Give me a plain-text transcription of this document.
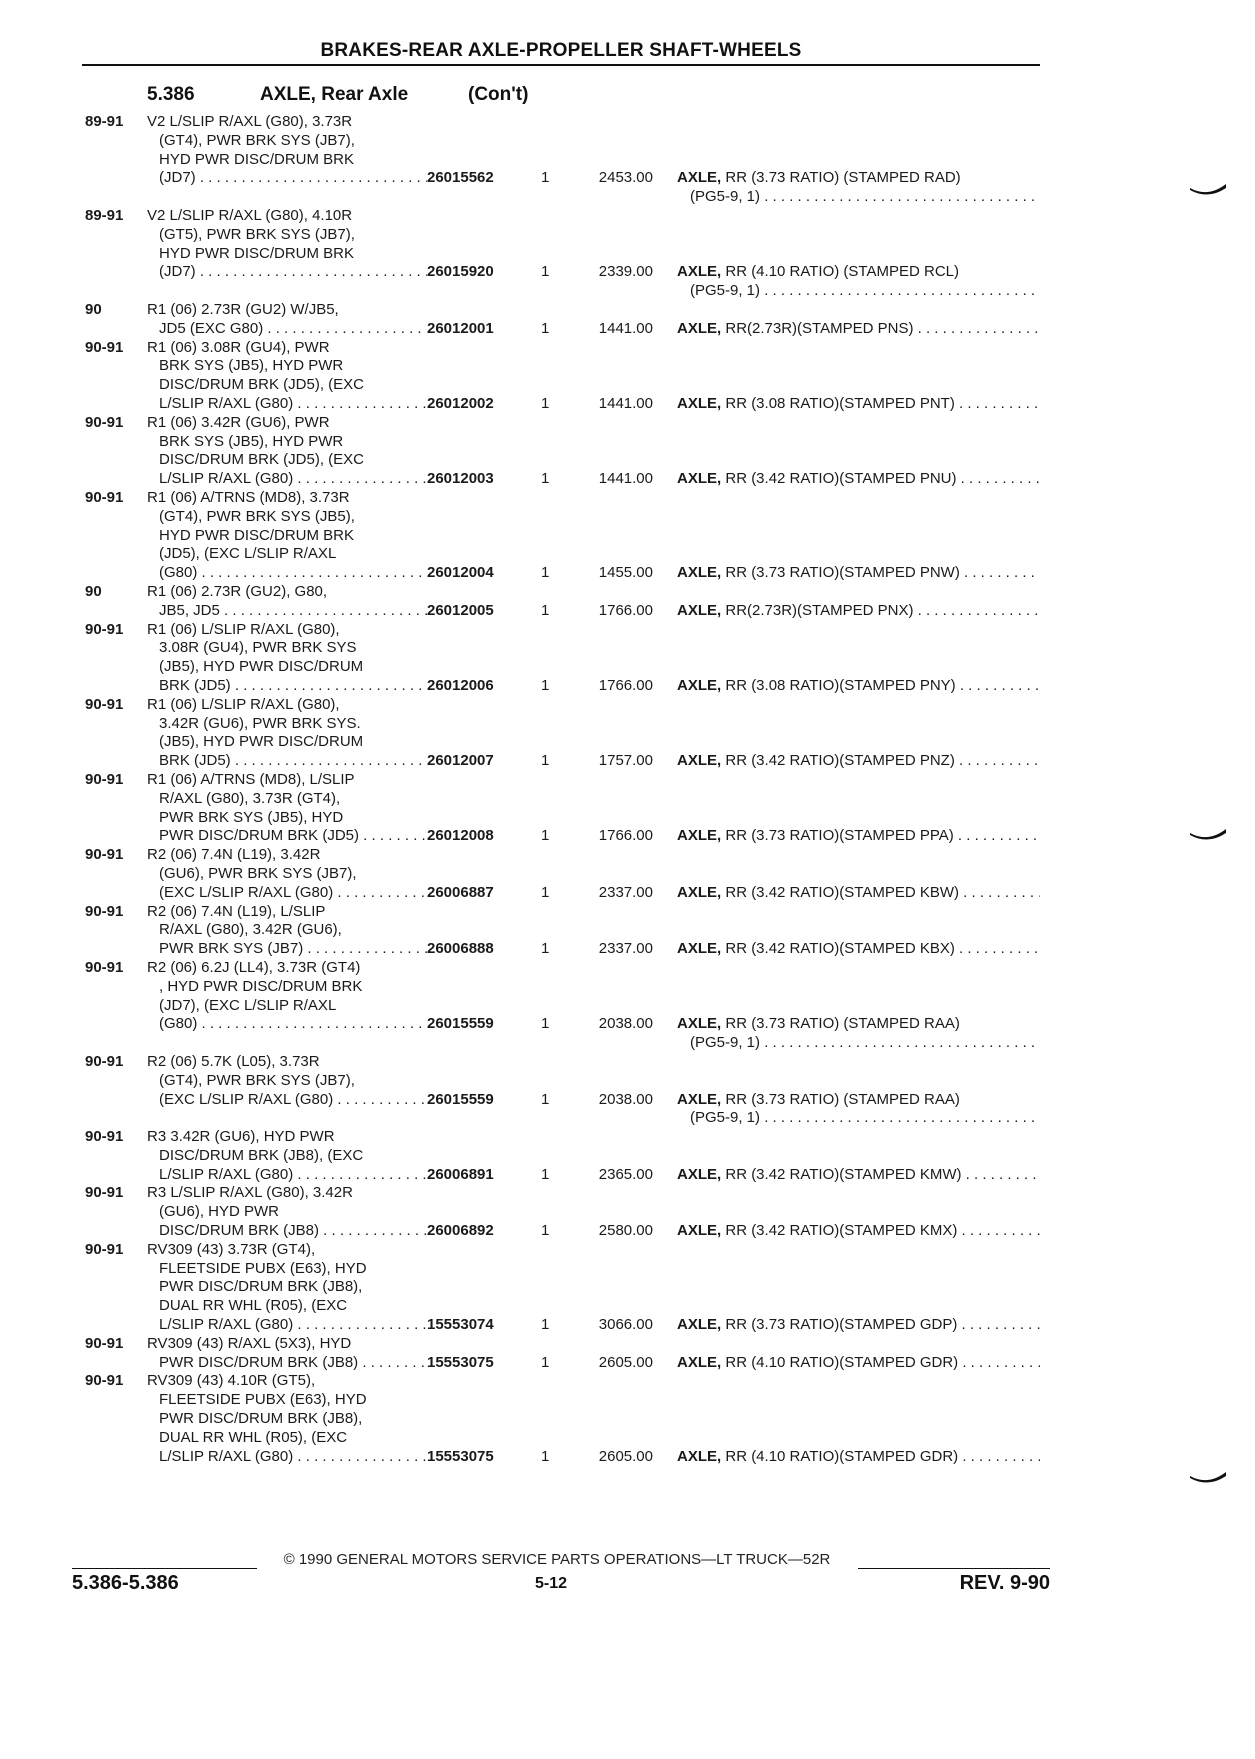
BRAKES-REAR AXLE-PROPELLER SHAFT-WHEELS
5.386	AXLE, Rear Axle	(Con't)
89-91 V2 L/SLIP R/AXL (G80), 3.73R
(GT4), PWR BRK SYS (JB7),
HYD PWR DISC/DRUM BRK
(JD7) . . .	26015562	1	2453.00 AXLE, RR (3.73 RATIO) (STAMPED RAD)
(PG5-9, 1) . . .
89-91 V2 L/SLIP R/AXL (G80), 4.10R
(GT5), PWR BRK SYS (JB7),
HYD PWR DISC/DRUM BRK
(JD7) . . .	26015920	1	2339.00 AXLE, RR (4.10 RATIO) (STAMPED RCL)
(PG5-9, 1) . . .
90	R1 (06) 2.73R (GU2) W/JB5,
JD5 (EXC G80) . . .	26012001	1	1441.00 AXLE, RR(2.73R)(STAMPED PNS) . . .
90-91 R1 (06) 3.08R (GU4), PWR
BRK SYS (JB5), HYD PWR
DISC/DRUM BRK (JD5), (EXC
L/SLIP R/AXL (G80) . . .	26012002	1	1441.00 AXLE, RR (3.08 RATIO)(STAMPED PNT) . . .
90-91 R1 (06) 3.42R (GU6), PWR
BRK SYS (JB5), HYD PWR
DISC/DRUM BRK (JD5), (EXC
L/SLIP R/AXL (G80) . . .	26012003	1	1441.00 AXLE, RR (3.42 RATIO)(STAMPED PNU) . . .
90-91 R1 (06) A/TRNS (MD8), 3.73R
(GT4), PWR BRK SYS (JB5),
HYD PWR DISC/DRUM BRK
(JD5), (EXC L/SLIP R/AXL
(G80) . . .	26012004	1	1455.00 AXLE, RR (3.73 RATIO)(STAMPED PNW) . . .
90	R1 (06) 2.73R (GU2), G80,
JB5, JD5 . . .	26012005	1	1766.00 AXLE, RR(2.73R)(STAMPED PNX) . . .
90-91 R1 (06) L/SLIP R/AXL (G80),
3.08R (GU4), PWR BRK SYS
(JB5), HYD PWR DISC/DRUM
BRK (JD5) . . .	26012006	1	1766.00 AXLE, RR (3.08 RATIO)(STAMPED PNY) . . .
90-91 R1 (06) L/SLIP R/AXL (G80),
3.42R (GU6), PWR BRK SYS.
(JB5), HYD PWR DISC/DRUM
BRK (JD5) . . .	26012007	1	1757.00 AXLE, RR (3.42 RATIO)(STAMPED PNZ) . . .
90-91 R1 (06) A/TRNS (MD8), L/SLIP
R/AXL (G80), 3.73R (GT4),
PWR BRK SYS (JB5), HYD
PWR DISC/DRUM BRK (JD5) . . .	26012008	1	1766.00 AXLE, RR (3.73 RATIO)(STAMPED PPA) . . .
90-91 R2 (06) 7.4N (L19), 3.42R
(GU6), PWR BRK SYS (JB7),
(EXC L/SLIP R/AXL (G80) . . .	26006887	1	2337.00 AXLE, RR (3.42 RATIO)(STAMPED KBW) . . .
90-91 R2 (06) 7.4N (L19), L/SLIP
R/AXL (G80), 3.42R (GU6),
PWR BRK SYS (JB7) . . .	26006888	1	2337.00 AXLE, RR (3.42 RATIO)(STAMPED KBX) . . .
90-91 R2 (06) 6.2J (LL4), 3.73R (GT4)
, HYD PWR DISC/DRUM BRK
(JD7), (EXC L/SLIP R/AXL
(G80) . . .	26015559	1	2038.00 AXLE, RR (3.73 RATIO) (STAMPED RAA)
(PG5-9, 1) . . .
90-91 R2 (06) 5.7K (L05), 3.73R
(GT4), PWR BRK SYS (JB7),
(EXC L/SLIP R/AXL (G80) . . .	26015559	1	2038.00 AXLE, RR (3.73 RATIO) (STAMPED RAA)
(PG5-9, 1) . . .
90-91 R3 3.42R (GU6), HYD PWR
DISC/DRUM BRK (JB8), (EXC
L/SLIP R/AXL (G80) . . .	26006891	1	2365.00 AXLE, RR (3.42 RATIO)(STAMPED KMW) . . .
90-91 R3 L/SLIP R/AXL (G80), 3.42R
(GU6), HYD PWR
DISC/DRUM BRK (JB8) . . .	26006892	1	2580.00 AXLE, RR (3.42 RATIO)(STAMPED KMX) . . .
90-91 RV309 (43) 3.73R (GT4),
FLEETSIDE PUBX (E63), HYD
PWR DISC/DRUM BRK (JB8),
DUAL RR WHL (R05), (EXC
L/SLIP R/AXL (G80) . . .	15553074	1	3066.00 AXLE, RR (3.73 RATIO)(STAMPED GDP) . . .
90-91 RV309 (43) R/AXL (5X3), HYD
PWR DISC/DRUM BRK (JB8) . . .	15553075	1	2605.00 AXLE, RR (4.10 RATIO)(STAMPED GDR) . . .
90-91 RV309 (43) 4.10R (GT5),
FLEETSIDE PUBX (E63), HYD
PWR DISC/DRUM BRK (JB8),
DUAL RR WHL (R05), (EXC
L/SLIP R/AXL (G80) . . .	15553075	1	2605.00 AXLE, RR (4.10 RATIO)(STAMPED GDR) . . .
© 1990 GENERAL MOTORS SERVICE PARTS OPERATIONS—LT TRUCK—52R
5.386-5.386	5-12	REV. 9-90
